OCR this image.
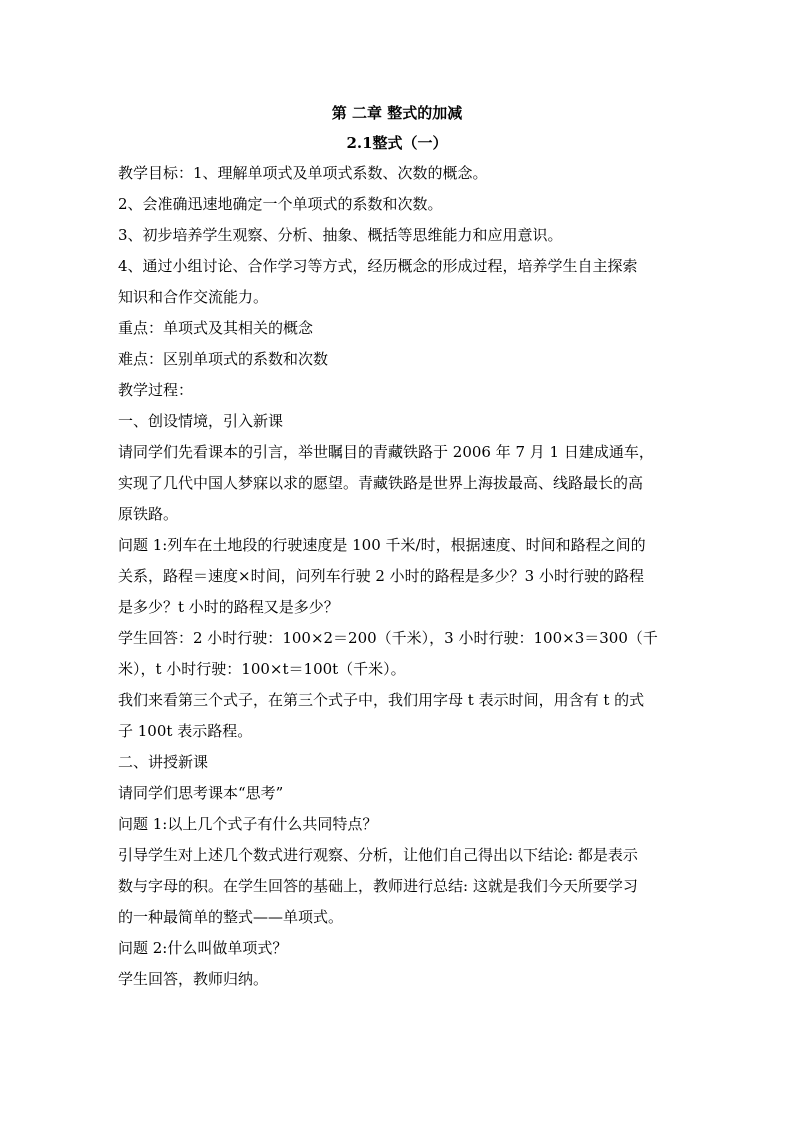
第 二章 整式的加减
2.1整式（一）
教学目标：1、理解单项式及单项式系数、次数的概念。
2、会准确迅速地确定一个单项式的系数和次数。
3、初步培养学生观察、分析、抽象、概括等思维能力和应用意识。
4、通过小组讨论、合作学习等方式，经历概念的形成过程，培养学生自主探索
知识和合作交流能力。
重点：单项式及其相关的概念
难点：区别单项式的系数和次数
教学过程：
一、创设情境，引入新课
请同学们先看课本的引言，举世瞩目的青藏铁路于 2006 年 7 月 1 日建成通车，
实现了几代中国人梦寐以求的愿望。青藏铁路是世界上海拔最高、线路最长的高
原铁路。
问题 1:列车在土地段的行驶速度是 100 千米/时，根据速度、时间和路程之间的
关系，路程＝速度×时间，问列车行驶 2 小时的路程是多少？3 小时行驶的路程
是多少？t 小时的路程又是多少？
学生回答：2 小时行驶：100×2＝200（千米），3 小时行驶：100×3＝300（千
米），t 小时行驶：100×t＝100t（千米）。
我们来看第三个式子，在第三个式子中，我们用字母 t 表示时间，用含有 t 的式
子 100t 表示路程。
二、讲授新课
请同学们思考课本“思考”
问题 1:以上几个式子有什么共同特点？
引导学生对上述几个数式进行观察、分析，让他们自己得出以下结论: 都是表示
数与字母的积。在学生回答的基础上，教师进行总结: 这就是我们今天所要学习
的一种最简单的整式——单项式。
问题 2:什么叫做单项式？
学生回答，教师归纳。
